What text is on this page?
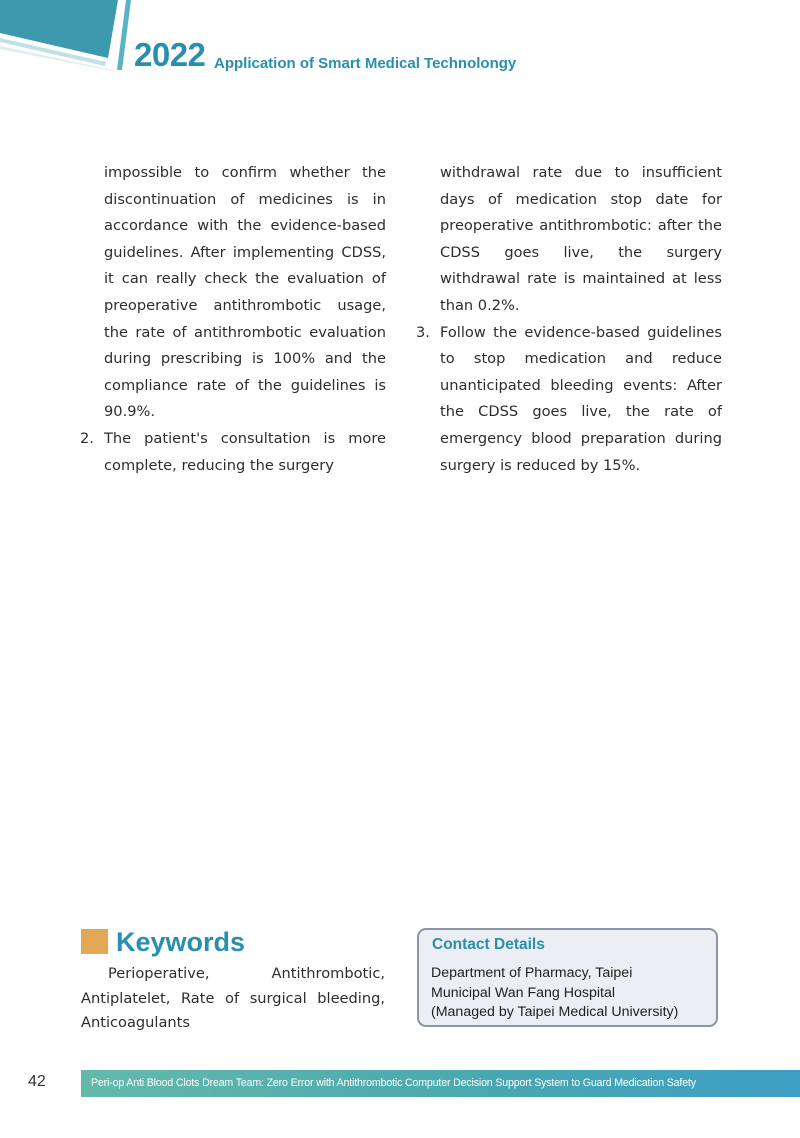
2022 Application of Smart Medical Technolongy

impossible to confirm whether the discontinuation of medicines is in accordance with the evidence-based guidelines. After implementing CDSS, it can really check the evaluation of preoperative antithrombotic usage, the rate of antithrombotic evaluation during prescribing is 100% and the compliance rate of the guidelines is 90.9%.

2. The patient's consultation is more complete, reducing the surgery

withdrawal rate due to insufficient days of medication stop date for preoperative antithrombotic: after the CDSS goes live, the surgery withdrawal rate is maintained at less than 0.2%.

3. Follow the evidence-based guidelines to stop medication and reduce unanticipated bleeding events: After the CDSS goes live, the rate of emergency blood preparation during surgery is reduced by 15%.
Keywords

Perioperative, Antithrombotic, Antiplatelet, Rate of surgical bleeding, Anticoagulants

Contact Details

Department of Pharmacy, Taipei
Municipal Wan Fang Hospital
(Managed by Taipei Medical University)

42	Peri-op Anti Blood Clots Dream Team: Zero Error with Antithrombotic Computer Decision Support System to Guard Medication Safety
